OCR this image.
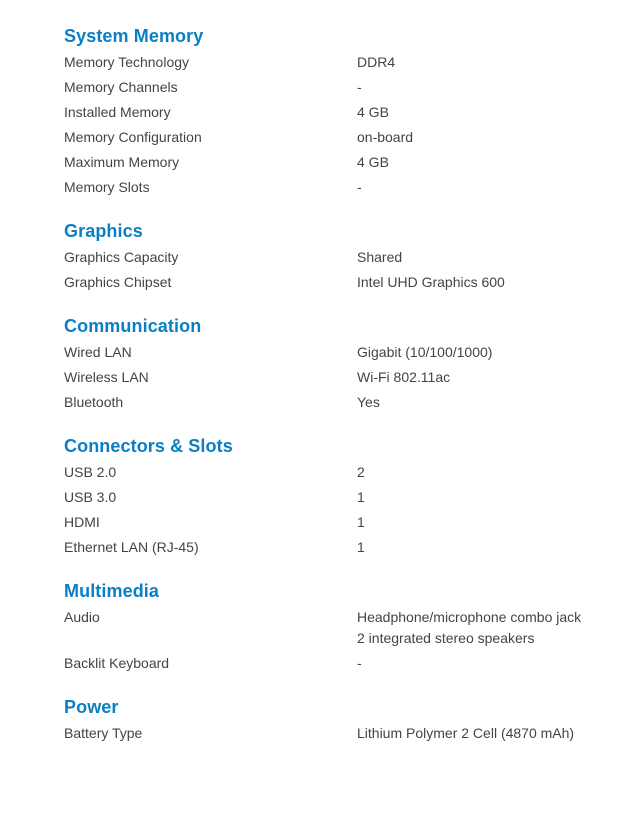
System Memory
Memory Technology	DDR4
Memory Channels	-
Installed Memory	4 GB
Memory Configuration	on-board
Maximum Memory	4 GB
Memory Slots	-
Graphics
Graphics Capacity	Shared
Graphics Chipset	Intel UHD Graphics 600
Communication
Wired LAN	Gigabit (10/100/1000)
Wireless LAN	Wi-Fi 802.11ac
Bluetooth	Yes
Connectors & Slots
USB 2.0	2
USB 3.0	1
HDMI	1
Ethernet LAN (RJ-45)	1
Multimedia
Audio	Headphone/microphone combo jack
2 integrated stereo speakers
Backlit Keyboard	-
Power
Battery Type	Lithium Polymer 2 Cell (4870 mAh)
